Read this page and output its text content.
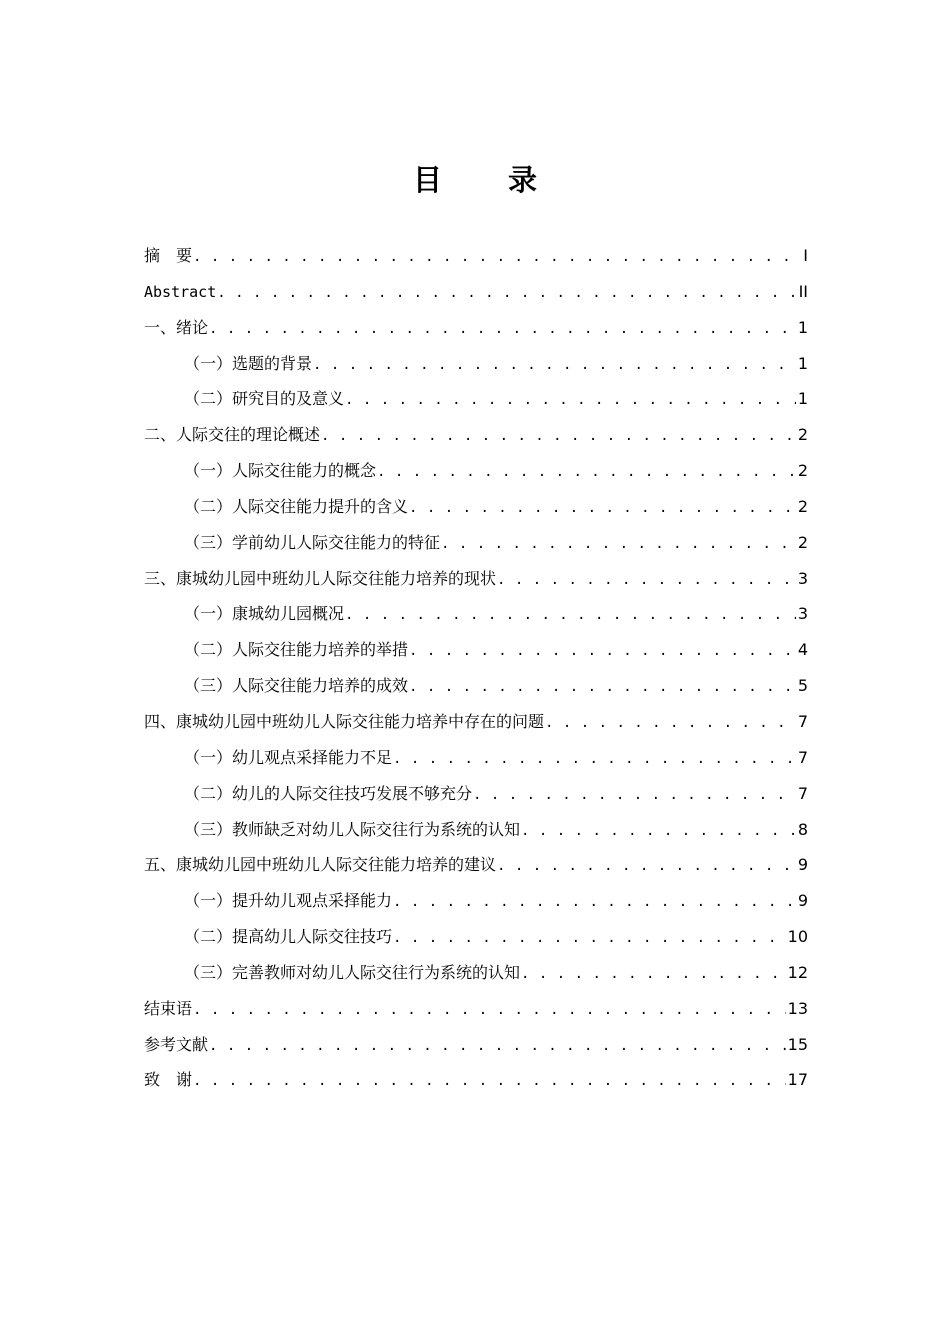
目 录
摘　要 . . .	I
Abstract . . .	II
一、绪论 . . .	1
（一）选题的背景 . . .	1
（二）研究目的及意义 . . .	1
二、人际交往的理论概述 . . .	2
（一）人际交往能力的概念 . . .	2
（二）人际交往能力提升的含义 . . .	2
（三）学前幼儿人际交往能力的特征 . . .	2
三、康城幼儿园中班幼儿人际交往能力培养的现状 . . .	3
（一）康城幼儿园概况 . . .	3
（二）人际交往能力培养的举措 . . .	4
（三）人际交往能力培养的成效 . . .	5
四、康城幼儿园中班幼儿人际交往能力培养中存在的问题 . . .	7
（一）幼儿观点采择能力不足 . . .	7
（二）幼儿的人际交往技巧发展不够充分 . . .	7
（三）教师缺乏对幼儿人际交往行为系统的认知 . . .	8
五、康城幼儿园中班幼儿人际交往能力培养的建议 . . .	9
（一）提升幼儿观点采择能力 . . .	9
（二）提高幼儿人际交往技巧 . . .	10
（三）完善教师对幼儿人际交往行为系统的认知 . . .	12
结束语 . . .	13
参考文献 . . .	15
致　谢 . . .	17
